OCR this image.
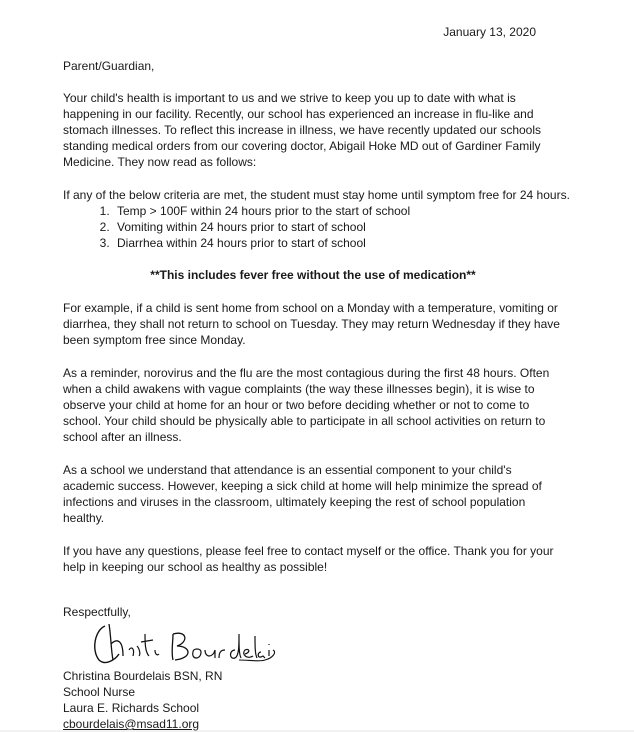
January 13, 2020

Parent/Guardian,

Your child's health is important to us and we strive to keep you up to date with what is happening in our facility. Recently, our school has experienced an increase in flu-like and stomach illnesses. To reflect this increase in illness, we have recently updated our schools standing medical orders from our covering doctor, Abigail Hoke MD out of Gardiner Family Medicine. They now read as follows:

If any of the below criteria are met, the student must stay home until symptom free for 24 hours.

1. Temp > 100F within 24 hours prior to the start of school
2. Vomiting within 24 hours prior to start of school
3. Diarrhea within 24 hours prior to start of school

**This includes fever free without the use of medication**

For example, if a child is sent home from school on a Monday with a temperature, vomiting or diarrhea, they shall not return to school on Tuesday. They may return Wednesday if they have been symptom free since Monday.

As a reminder, norovirus and the flu are the most contagious during the first 48 hours. Often when a child awakens with vague complaints (the way these illnesses begin), it is wise to observe your child at home for an hour or two before deciding whether or not to come to school. Your child should be physically able to participate in all school activities on return to school after an illness.

As a school we understand that attendance is an essential component to your child's academic success. However, keeping a sick child at home will help minimize the spread of infections and viruses in the classroom, ultimately keeping the rest of school population healthy.

If you have any questions, please feel free to contact myself or the office. Thank you for your help in keeping our school as healthy as possible!

Respectfully,

Christina Bourdelais BSN, RN

School Nurse

Laura E. Richards School

cbourdelais@msad11.org
